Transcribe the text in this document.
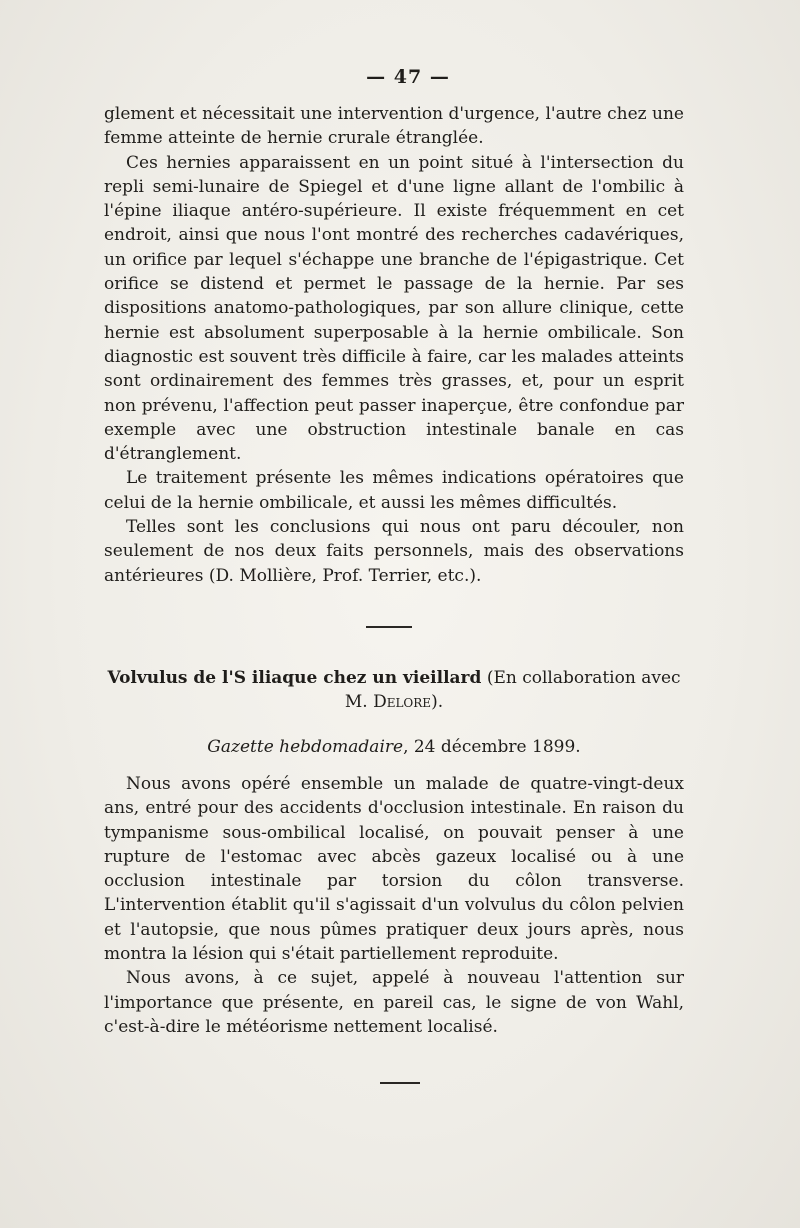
— 47 —

glement et nécessitait une intervention d'urgence, l'autre chez une femme atteinte de hernie crurale étranglée.

Ces hernies apparaissent en un point situé à l'intersection du repli semi-lunaire de Spiegel et d'une ligne allant de l'ombilic à l'épine iliaque antéro-supérieure. Il existe fréquemment en cet endroit, ainsi que nous l'ont montré des recherches cadavériques, un orifice par lequel s'échappe une branche de l'épigastrique. Cet orifice se distend et permet le passage de la hernie. Par ses dispositions anatomo-pathologiques, par son allure clinique, cette hernie est absolument superposable à la hernie ombilicale. Son diagnostic est souvent très difficile à faire, car les malades atteints sont ordinairement des femmes très grasses, et, pour un esprit non prévenu, l'affection peut passer inaperçue, être confondue par exemple avec une obstruction intestinale banale en cas d'étranglement.

Le traitement présente les mêmes indications opératoires que celui de la hernie ombilicale, et aussi les mêmes difficultés.

Telles sont les conclusions qui nous ont paru découler, non seulement de nos deux faits personnels, mais des observations antérieures (D. Mollière, Prof. Terrier, etc.).

Volvulus de l'S iliaque chez un vieillard (En collaboration avec M. Delore).
Gazette hebdomadaire, 24 décembre 1899.

Nous avons opéré ensemble un malade de quatre-vingt-deux ans, entré pour des accidents d'occlusion intestinale. En raison du tympanisme sous-ombilical localisé, on pouvait penser à une rupture de l'estomac avec abcès gazeux localisé ou à une occlusion intestinale par torsion du côlon transverse. L'intervention établit qu'il s'agissait d'un volvulus du côlon pelvien et l'autopsie, que nous pûmes pratiquer deux jours après, nous montra la lésion qui s'était partiellement reproduite.

Nous avons, à ce sujet, appelé à nouveau l'attention sur l'importance que présente, en pareil cas, le signe de von Wahl, c'est-à-dire le météorisme nettement localisé.
